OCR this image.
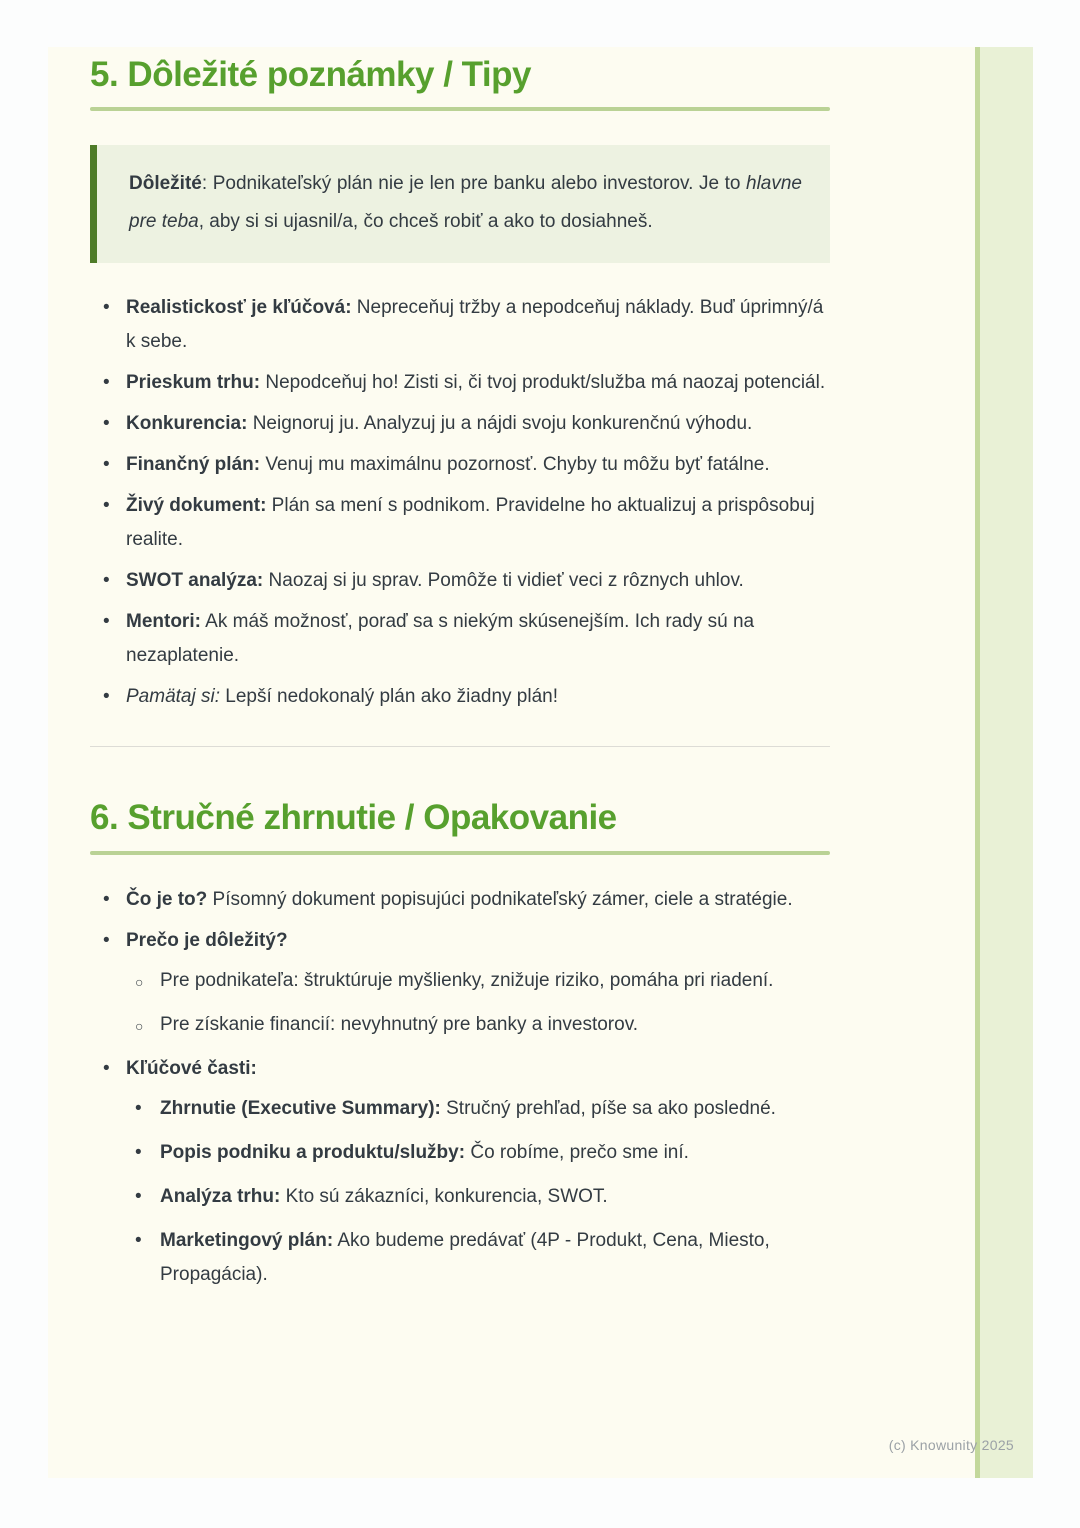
5. Dôležité poznámky / Tipy
Dôležité: Podnikateľský plán nie je len pre banku alebo investorov. Je to hlavne pre teba, aby si si ujasnil/a, čo chceš robiť a ako to dosiahneš.
• Realistickosť je kľúčová: Nepreceňuj tržby a nepodceňuj náklady. Buď úprimný/á k sebe.
• Prieskum trhu: Nepodceňuj ho! Zisti si, či tvoj produkt/služba má naozaj potenciál.
• Konkurencia: Neignoruj ju. Analyzuj ju a nájdi svoju konkurenčnú výhodu.
• Finančný plán: Venuj mu maximálnu pozornosť. Chyby tu môžu byť fatálne.
• Živý dokument: Plán sa mení s podnikom. Pravidelne ho aktualizuj a prispôsobuj realite.
• SWOT analýza: Naozaj si ju sprav. Pomôže ti vidieť veci z rôznych uhlov.
• Mentori: Ak máš možnosť, poraď sa s niekým skúsenejším. Ich rady sú na nezaplatenie.
• Pamätaj si: Lepší nedokonalý plán ako žiadny plán!
6. Stručné zhrnutie / Opakovanie
• Čo je to? Písomný dokument popisujúci podnikateľský zámer, ciele a stratégie.
• Prečo je dôležitý?
○ Pre podnikateľa: štruktúruje myšlienky, znižuje riziko, pomáha pri riadení.
○ Pre získanie financií: nevyhnutný pre banky a investorov.
• Kľúčové časti:
• Zhrnutie (Executive Summary): Stručný prehľad, píše sa ako posledné.
• Popis podniku a produktu/služby: Čo robíme, prečo sme iní.
• Analýza trhu: Kto sú zákazníci, konkurencia, SWOT.
• Marketingový plán: Ako budeme predávať (4P - Produkt, Cena, Miesto, Propagácia).
(c) Knowunity 2025
